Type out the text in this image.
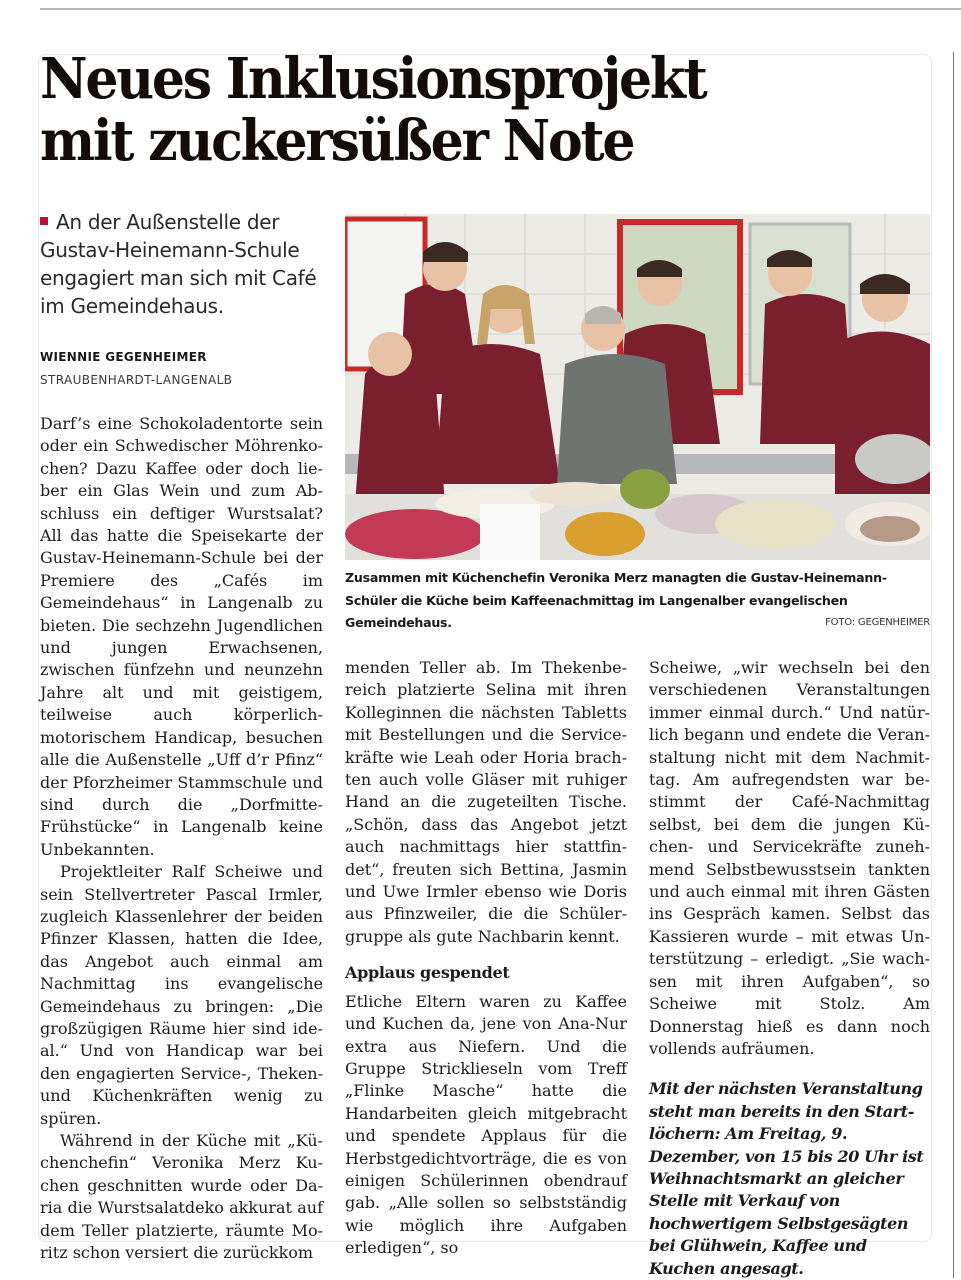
Neues Inklusionsprojekt
mit zuckersüßer Note
An der Außenstelle der Gustav-Heinemann-Schule engagiert man sich mit Café im Gemeindehaus.
WIENNIE GEGENHEIMER
STRAUBENHARDT-LANGENALB

Darf’s eine Schokoladentorte sein oder ein Schwedischer Möhrenkochen? Dazu Kaffee oder doch lieber ein Glas Wein und zum Abschluss ein deftiger Wurstsalat? All das hatte die Speisekarte der Gustav-Heinemann-Schule bei der Premiere des „Cafés im Gemeindehaus“ in Langenalb zu bieten. Die sechzehn Jugendlichen und jungen Erwachsenen, zwischen fünfzehn und neunzehn Jahre alt und mit geistigem, teilweise auch körperlich-motorischem Handicap, besuchen alle die Außenstelle „Uff d’r Pfinz“ der Pforzheimer Stammschule und sind durch die „Dorfmitte-Frühstücke“ in Langenalb keine Unbekannten.

Projektleiter Ralf Scheiwe und sein Stellvertreter Pascal Irmler, zugleich Klassenlehrer der beiden Pfinzer Klassen, hatten die Idee, das Angebot auch einmal am Nachmittag ins evangelische Gemeindehaus zu bringen: „Die großzügigen Räume hier sind ideal.“ Und von Handicap war bei den engagierten Service-, Theken- und Küchenkräften wenig zu spüren.

Während in der Küche mit „Küchenchefin“ Veronika Merz Kuchen geschnitten wurde oder Daria die Wurstsalatdeko akkurat auf dem Teller platzierte, räumte Moritz schon versiert die zurückkom

Zusammen mit Küchenchefin Veronika Merz managten die Gustav-Heinemann-Schüler die Küche beim Kaffeenachmittag im Langenalber evangelischen Gemeindehaus.	FOTO: GEGENHEIMER

menden Teller ab. Im Thekenbereich platzierte Selina mit ihren Kolleginnen die nächsten Tabletts mit Bestellungen und die Servicekräfte wie Leah oder Horia brachten auch volle Gläser mit ruhiger Hand an die zugeteilten Tische. „Schön, dass das Angebot jetzt auch nachmittags hier stattfindet“, freuten sich Bettina, Jasmin und Uwe Irmler ebenso wie Doris aus Pfinzweiler, die die Schülergruppe als gute Nachbarin kennt.

Applaus gespendet

Etliche Eltern waren zu Kaffee und Kuchen da, jene von Ana-Nur extra aus Niefern. Und die Gruppe Stricklieseln vom Treff „Flinke Masche“ hatte die Handarbeiten gleich mitgebracht und spendete Applaus für die Herbstgedichtvorträge, die es von einigen Schülerinnen obendrauf gab. „Alle sollen so selbstständig wie möglich ihre Aufgaben erledigen“, so

Scheiwe, „wir wechseln bei den verschiedenen Veranstaltungen immer einmal durch.“ Und natürlich begann und endete die Veranstaltung nicht mit dem Nachmittag. Am aufregendsten war bestimmt der Café-Nachmittag selbst, bei dem die jungen Küchen- und Servicekräfte zunehmend Selbstbewusstsein tankten und auch einmal mit ihren Gästen ins Gespräch kamen. Selbst das Kassieren wurde – mit etwas Unterstützung – erledigt. „Sie wachsen mit ihren Aufgaben“, so Scheiwe mit Stolz. Am Donnerstag hieß es dann noch vollends aufräumen.

Mit der nächsten Veranstaltung steht man bereits in den Startlöchern: Am Freitag, 9. Dezember, von 15 bis 20 Uhr ist Weihnachtsmarkt an gleicher Stelle mit Verkauf von hochwertigem Selbstgesägten bei Glühwein, Kaffee und Kuchen angesagt.
